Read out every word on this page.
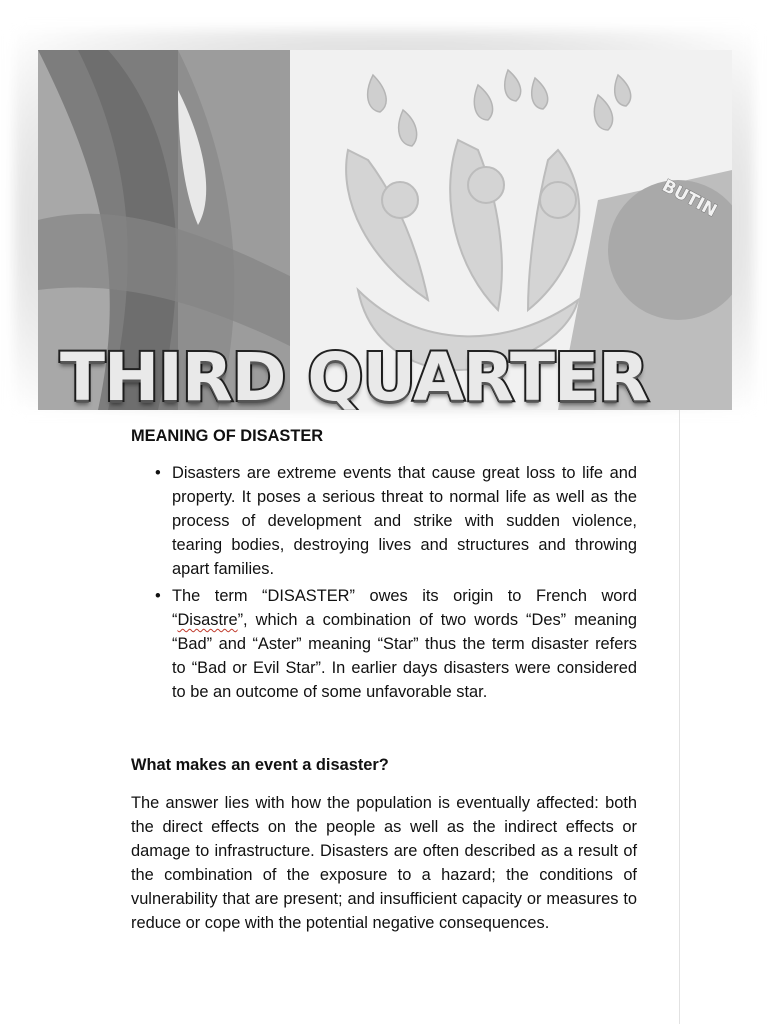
BUTIN
THIRD QUARTER
MEANING OF DISASTER
• Disasters are extreme events that cause great loss to life and property. It poses a serious threat to normal life as well as the process of development and strike with sudden violence, tearing bodies, destroying lives and structures and throwing apart families.
• The term “DISASTER” owes its origin to French word “Disastre”, which a combination of two words “Des” meaning “Bad” and “Aster” meaning “Star” thus the term disaster refers to “Bad or Evil Star”. In earlier days disasters were considered to be an outcome of some unfavorable star.
What makes an event a disaster?

The answer lies with how the population is eventually affected: both the direct effects on the people as well as the indirect effects or damage to infrastructure. Disasters are often described as a result of the combination of the exposure to a hazard; the conditions of vulnerability that are present; and insufficient capacity or measures to reduce or cope with the potential negative consequences.
